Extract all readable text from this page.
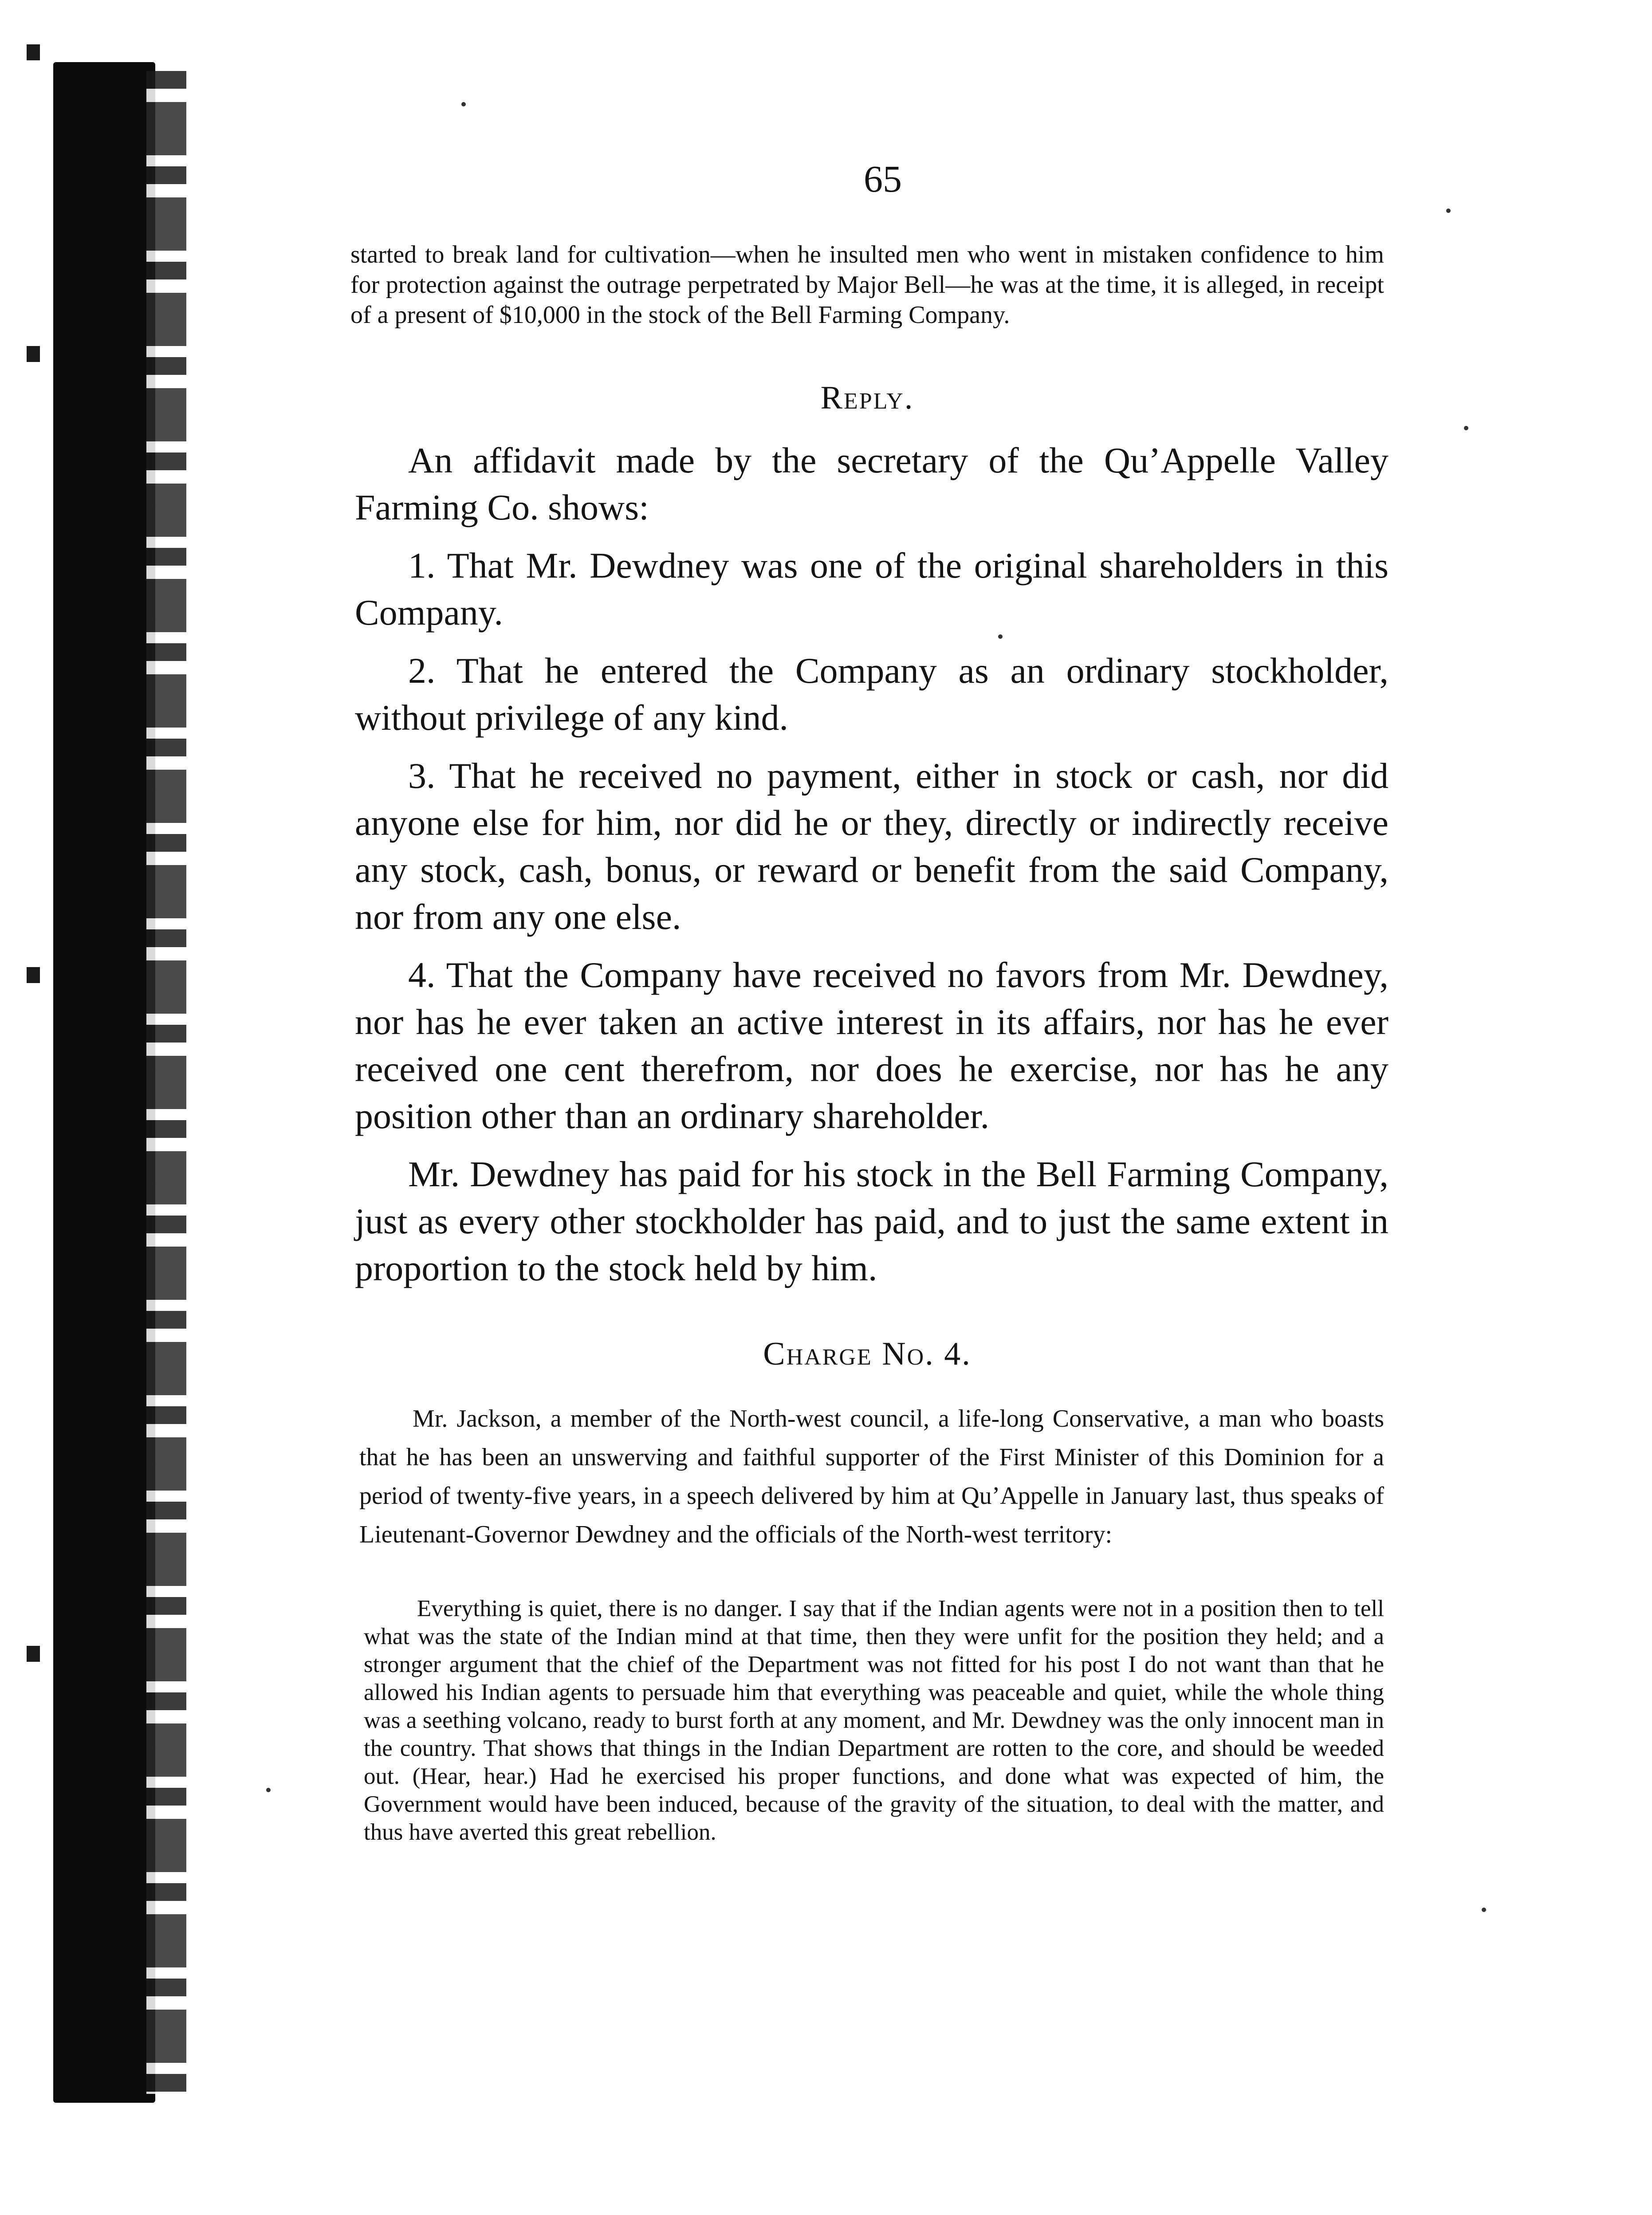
65
started to break land for cultivation—when he insulted men who went in mistaken confidence to him for protection against the outrage perpetrated by Major Bell—he was at the time, it is alleged, in receipt of a present of $10,000 in the stock of the Bell Farming Company.
Reply.

An affidavit made by the secretary of the Qu’Appelle Valley Farming Co. shows:

1. That Mr. Dewdney was one of the original shareholders in this Company.

2. That he entered the Company as an ordinary stockholder, without privilege of any kind.

3. That he received no payment, either in stock or cash, nor did anyone else for him, nor did he or they, directly or indirectly receive any stock, cash, bonus, or reward or benefit from the said Company, nor from any one else.

4. That the Company have received no favors from Mr. Dewdney, nor has he ever taken an active interest in its affairs, nor has he ever received one cent therefrom, nor does he exercise, nor has he any position other than an ordinary shareholder.

Mr. Dewdney has paid for his stock in the Bell Farming Company, just as every other stockholder has paid, and to just the same extent in proportion to the stock held by him.

Charge No. 4.
Mr. Jackson, a member of the North-west council, a life-long Conservative, a man who boasts that he has been an unswerving and faithful supporter of the First Minister of this Dominion for a period of twenty-five years, in a speech delivered by him at Qu’Appelle in January last, thus speaks of Lieutenant-Governor Dewdney and the officials of the North-west territory:
Everything is quiet, there is no danger. I say that if the Indian agents were not in a position then to tell what was the state of the Indian mind at that time, then they were unfit for the position they held; and a stronger argument that the chief of the Department was not fitted for his post I do not want than that he allowed his Indian agents to persuade him that everything was peaceable and quiet, while the whole thing was a seething volcano, ready to burst forth at any moment, and Mr. Dewdney was the only innocent man in the country. That shows that things in the Indian Department are rotten to the core, and should be weeded out. (Hear, hear.) Had he exercised his proper functions, and done what was expected of him, the Government would have been induced, because of the gravity of the situation, to deal with the matter, and thus have averted this great rebellion.
